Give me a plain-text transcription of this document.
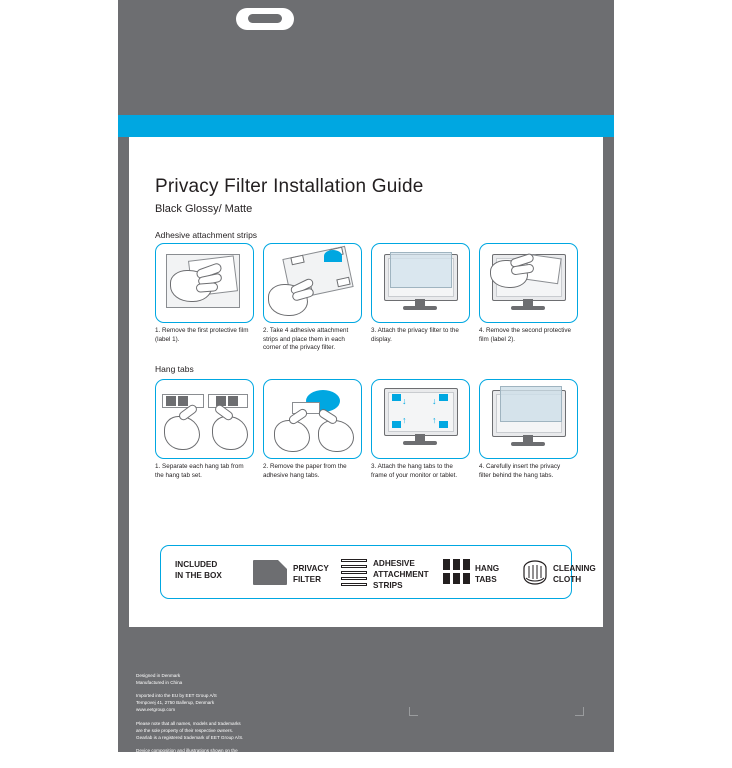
Privacy Filter Installation Guide
Black Glossy/ Matte
Adhesive attachment strips
1. Remove the first protective film (label 1).
2. Take 4 adhesive attachment strips and place them in each corner of the privacy filter.
3. Attach the privacy filter to the display.
4. Remove the second protective film (label 2).
Hang tabs
↓	↓
↑	↑
1. Separate each hang tab from the hang tab set.
2. Remove the paper from the adhesive hang tabs.
3. Attach the hang tabs to the frame of your monitor or tablet.
4. Carefully insert the privacy filter behind the hang tabs.
INCLUDED
IN THE BOX
PRIVACY
FILTER
ADHESIVE
ATTACHMENT
STRIPS
HANG
TABS
CLEANING
CLOTH

Designed in Denmark
Manufactured in China

Imported into the EU by EET Group A/S
Tempovej 41, 2750 Ballerup, Denmark
www.eetgroup.com

Please note that all names, models and trademarks
are the sole property of their respective owners.
Gearlab is a registered trademark of EET Group A/S.

Device composition and illustrations shown on the
packaging are for informative purposes only and
may differ from the actual product.
